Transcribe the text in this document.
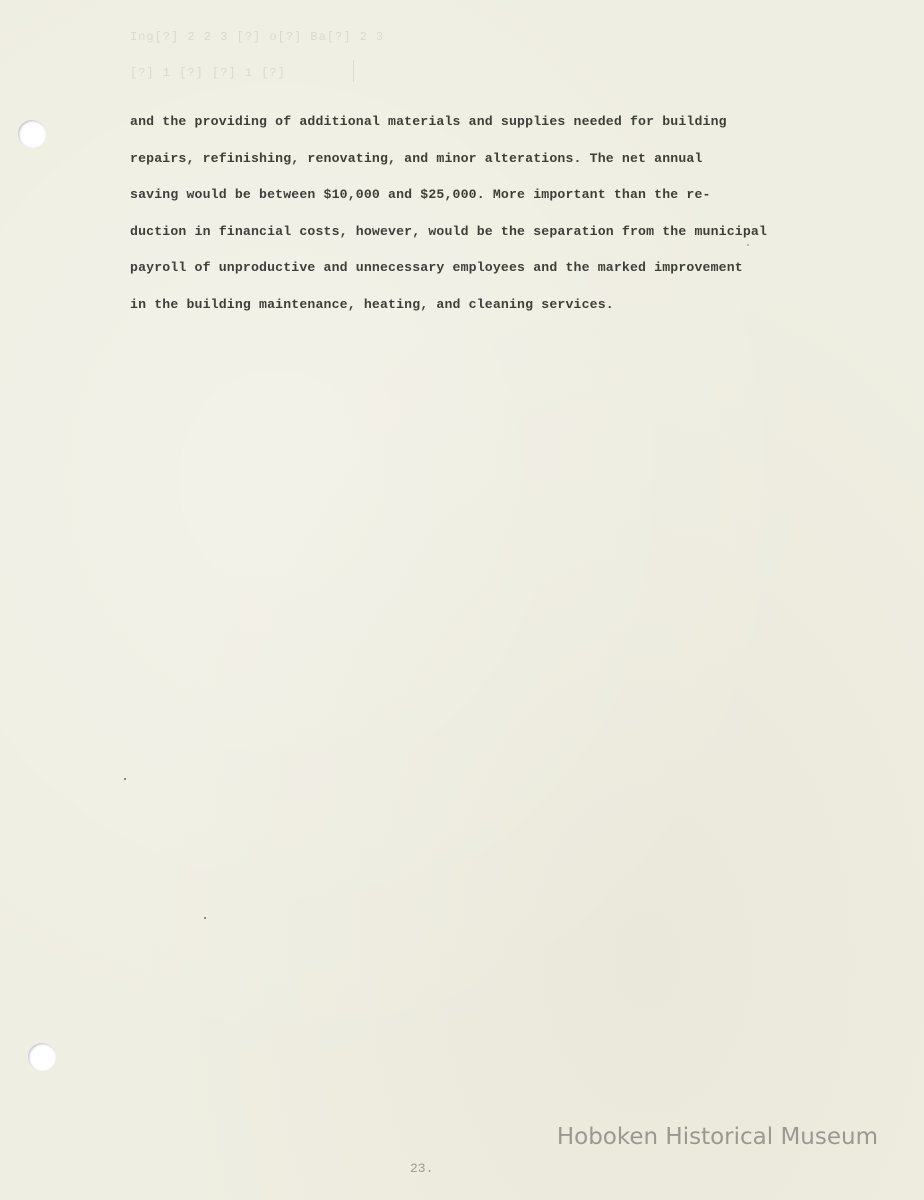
Ing[?] 2 2 3 [?] o[?] Ba[?] 2 3
[?] 1 [?] [?] 1 [?]

and the providing of additional materials and supplies needed for building
repairs, refinishing, renovating, and minor alterations. The net annual
saving would be between $10,000 and $25,000. More important than the re-
duction in financial costs, however, would be the separation from the municipal
payroll of unproductive and unnecessary employees and the marked improvement
in the building maintenance, heating, and cleaning services.

23.
Hoboken Historical Museum
